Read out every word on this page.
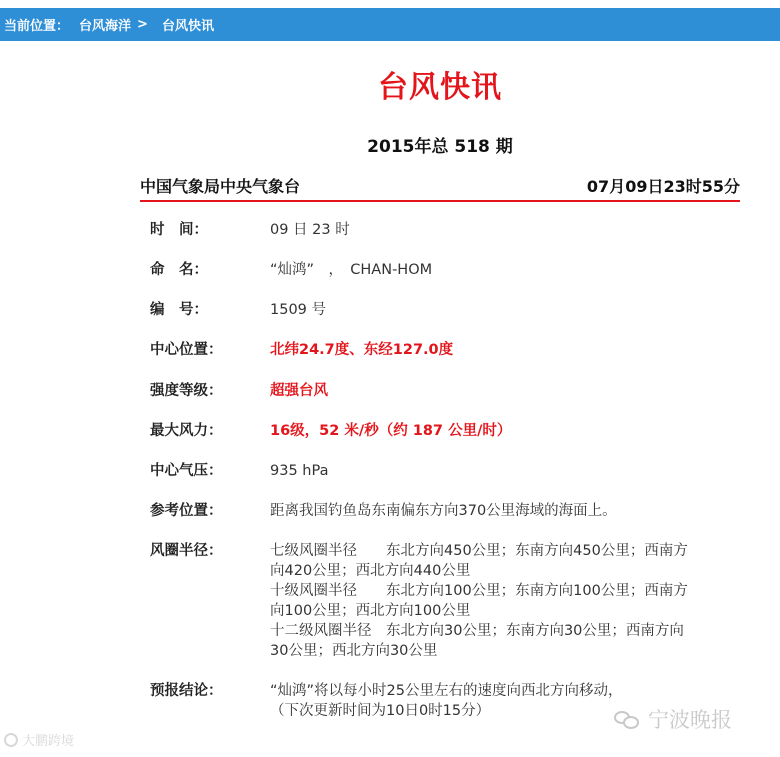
当前位置： 台风海洋 > 台风快讯
台风快讯
2015年总 518 期
中国气象局中央气象台	07月09日23时55分
时　间：	09 日 23 时
命　名：	“灿鸿”　，　CHAN-HOM
编　号：	1509 号
中心位置：	北纬24.7度、东经127.0度
强度等级：	超强台风
最大风力：	16级，52 米/秒（约 187 公里/时）
中心气压：	935 hPa
参考位置：	距离我国钓鱼岛东南偏东方向370公里海域的海面上。
风圈半径：	七级风圈半径　　东北方向450公里；东南方向450公里；西南方
向420公里；西北方向440公里
十级风圈半径　　东北方向100公里；东南方向100公里；西南方
向100公里；西北方向100公里
十二级风圈半径　东北方向30公里；东南方向30公里；西南方向
30公里；西北方向30公里
预报结论：	“灿鸿”将以每小时25公里左右的速度向西北方向移动，
（下次更新时间为10日0时15分）
大鹏跨境
宁波晚报
